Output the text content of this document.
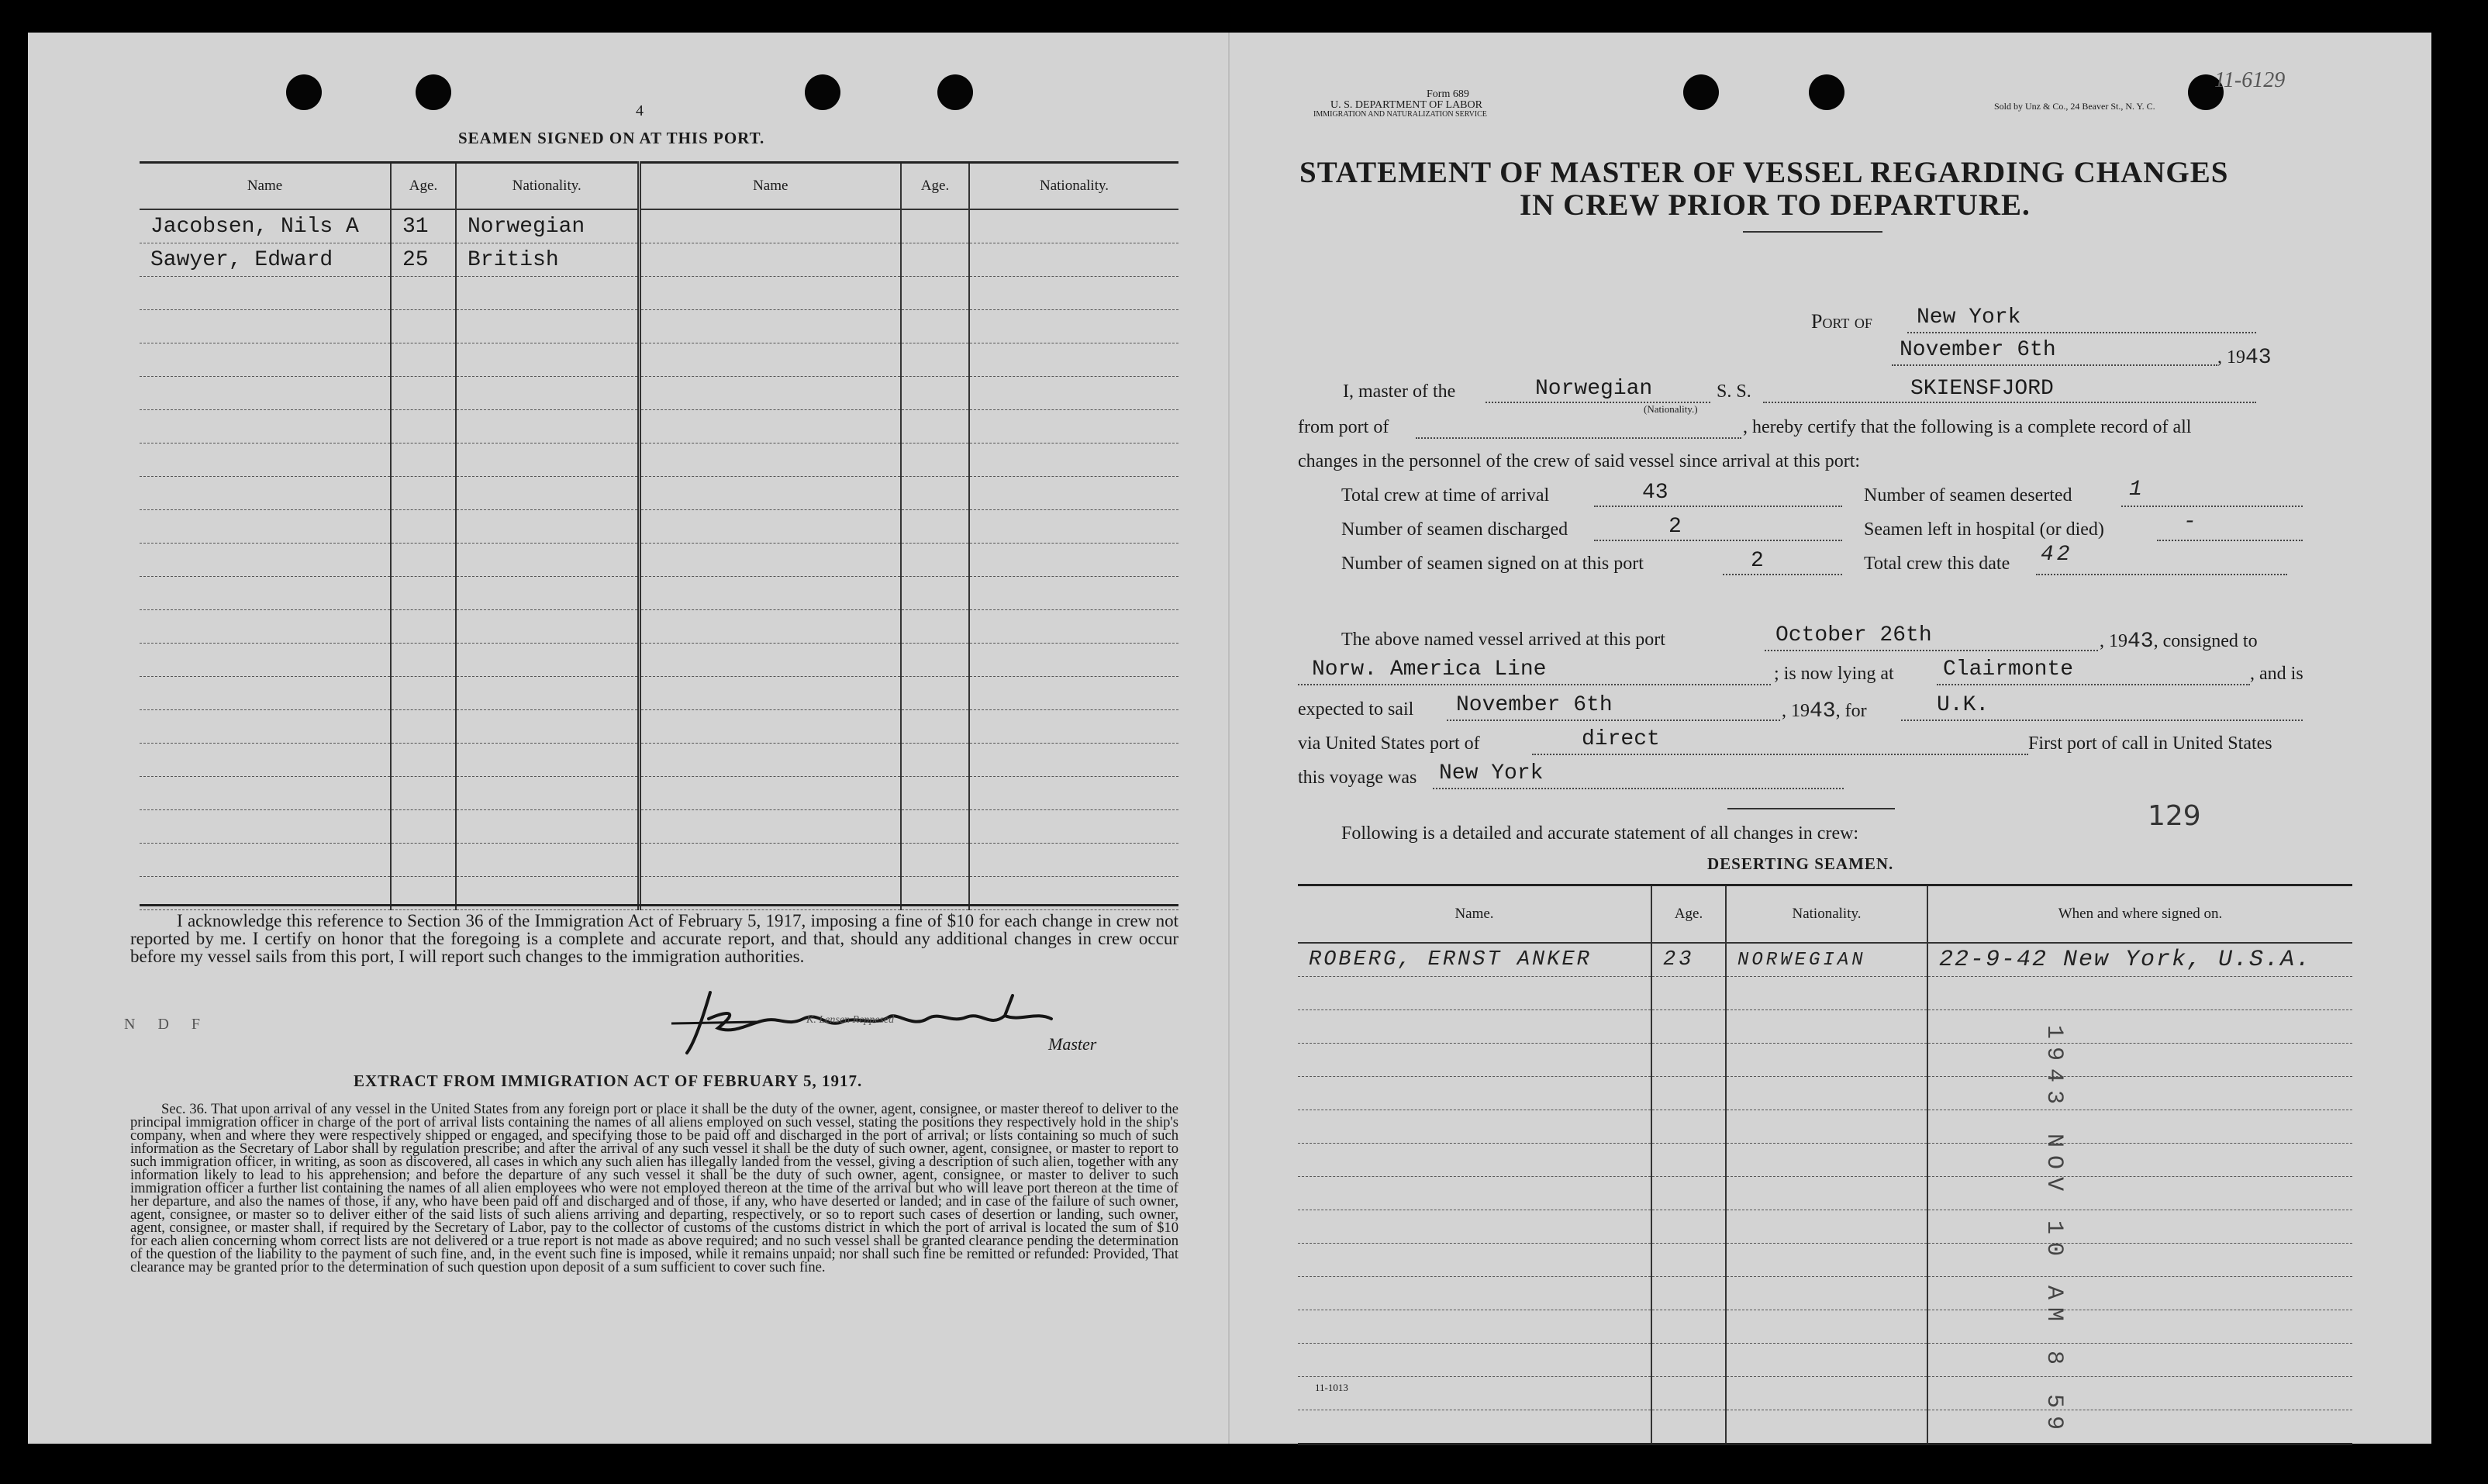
4
SEAMEN SIGNED ON AT THIS PORT.
Name	Age.	Nationality.	Name	Age.	Nationality.
Jacobsen, Nils A	31	Norwegian			
Sawyer, Edward	25	British			

I acknowledge this reference to Section 36 of the Immigration Act of February 5, 1917, imposing a fine of $10 for each change in crew not reported by me. I certify on honor that the foregoing is a complete and accurate report, and that, should any additional changes in crew occur before my vessel sails from this port, I will report such changes to the immigration authorities.
N D F	K. Lensen Reppesed
Master
EXTRACT FROM IMMIGRATION ACT OF FEBRUARY 5, 1917.
Sec. 36. That upon arrival of any vessel in the United States from any foreign port or place it shall be the duty of the owner, agent, consignee, or master thereof to deliver to the principal immigration officer in charge of the port of arrival lists containing the names of all aliens employed on such vessel, stating the positions they respectively hold in the ship's company, when and where they were respectively shipped or engaged, and specifying those to be paid off and discharged in the port of arrival; or lists containing so much of such information as the Secretary of Labor shall by regulation prescribe; and after the arrival of any such vessel it shall be the duty of such owner, agent, consignee, or master to report to such immigration officer, in writing, as soon as discovered, all cases in which any such alien has illegally landed from the vessel, giving a description of such alien, together with any information likely to lead to his apprehension; and before the departure of any such vessel it shall be the duty of such owner, agent, consignee, or master to deliver to such immigration officer a further list containing the names of all alien employees who were not employed thereon at the time of the arrival but who will leave port thereon at the time of her departure, and also the names of those, if any, who have been paid off and discharged and of those, if any, who have deserted or landed; and in case of the failure of such owner, agent, consignee, or master so to deliver either of the said lists of such aliens arriving and departing, respectively, or so to report such cases of desertion or landing, such owner, agent, consignee, or master shall, if required by the Secretary of Labor, pay to the collector of customs of the customs district in which the port of arrival is located the sum of $10 for each alien concerning whom correct lists are not delivered or a true report is not made as above required; and no such vessel shall be granted clearance pending the determination of the question of the liability to the payment of such fine, and, in the event such fine is imposed, while it remains unpaid; nor shall such fine be remitted or refunded: Provided, That clearance may be granted prior to the determination of such question upon deposit of a sum sufficient to cover such fine.
Form 689
U. S. DEPARTMENT OF LABOR
IMMIGRATION AND NATURALIZATION SERVICE
Sold by Unz & Co., 24 Beaver St., N. Y. C.
11-6129
STATEMENT OF MASTER OF VESSEL REGARDING CHANGES
IN CREW PRIOR TO DEPARTURE.
Port of New York
November 6th	, 1943
I, master of the	Norwegian
(Nationality.)
S. S.	SKIENSFJORD
from port of	, hereby certify that the following is a complete record of all
changes in the personnel of the crew of said vessel since arrival at this port:
Total crew at time of arrival	43	Number of seamen deserted	1
Number of seamen discharged	2	Seamen left in hospital (or died)	-
Number of seamen signed on at this port	2	Total crew this date 42
The above named vessel arrived at this port	October 26th	, 1943, consigned to
Norw. America Line	; is now lying at Clairmonte	, and is
expected to sail November 6th	, 1943, for	U.K.
via United States port of	direct	First port of call in United States
this voyage was New York
129
Following is a detailed and accurate statement of all changes in crew:
DESERTING SEAMEN.
Name.	Age.	Nationality.	When and where signed on.
ROBERG, ERNST ANKER	23	NORWEGIAN	22-9-42 New York, U.S.A.

1943 NOV 10 AM 8 59
11-1013
